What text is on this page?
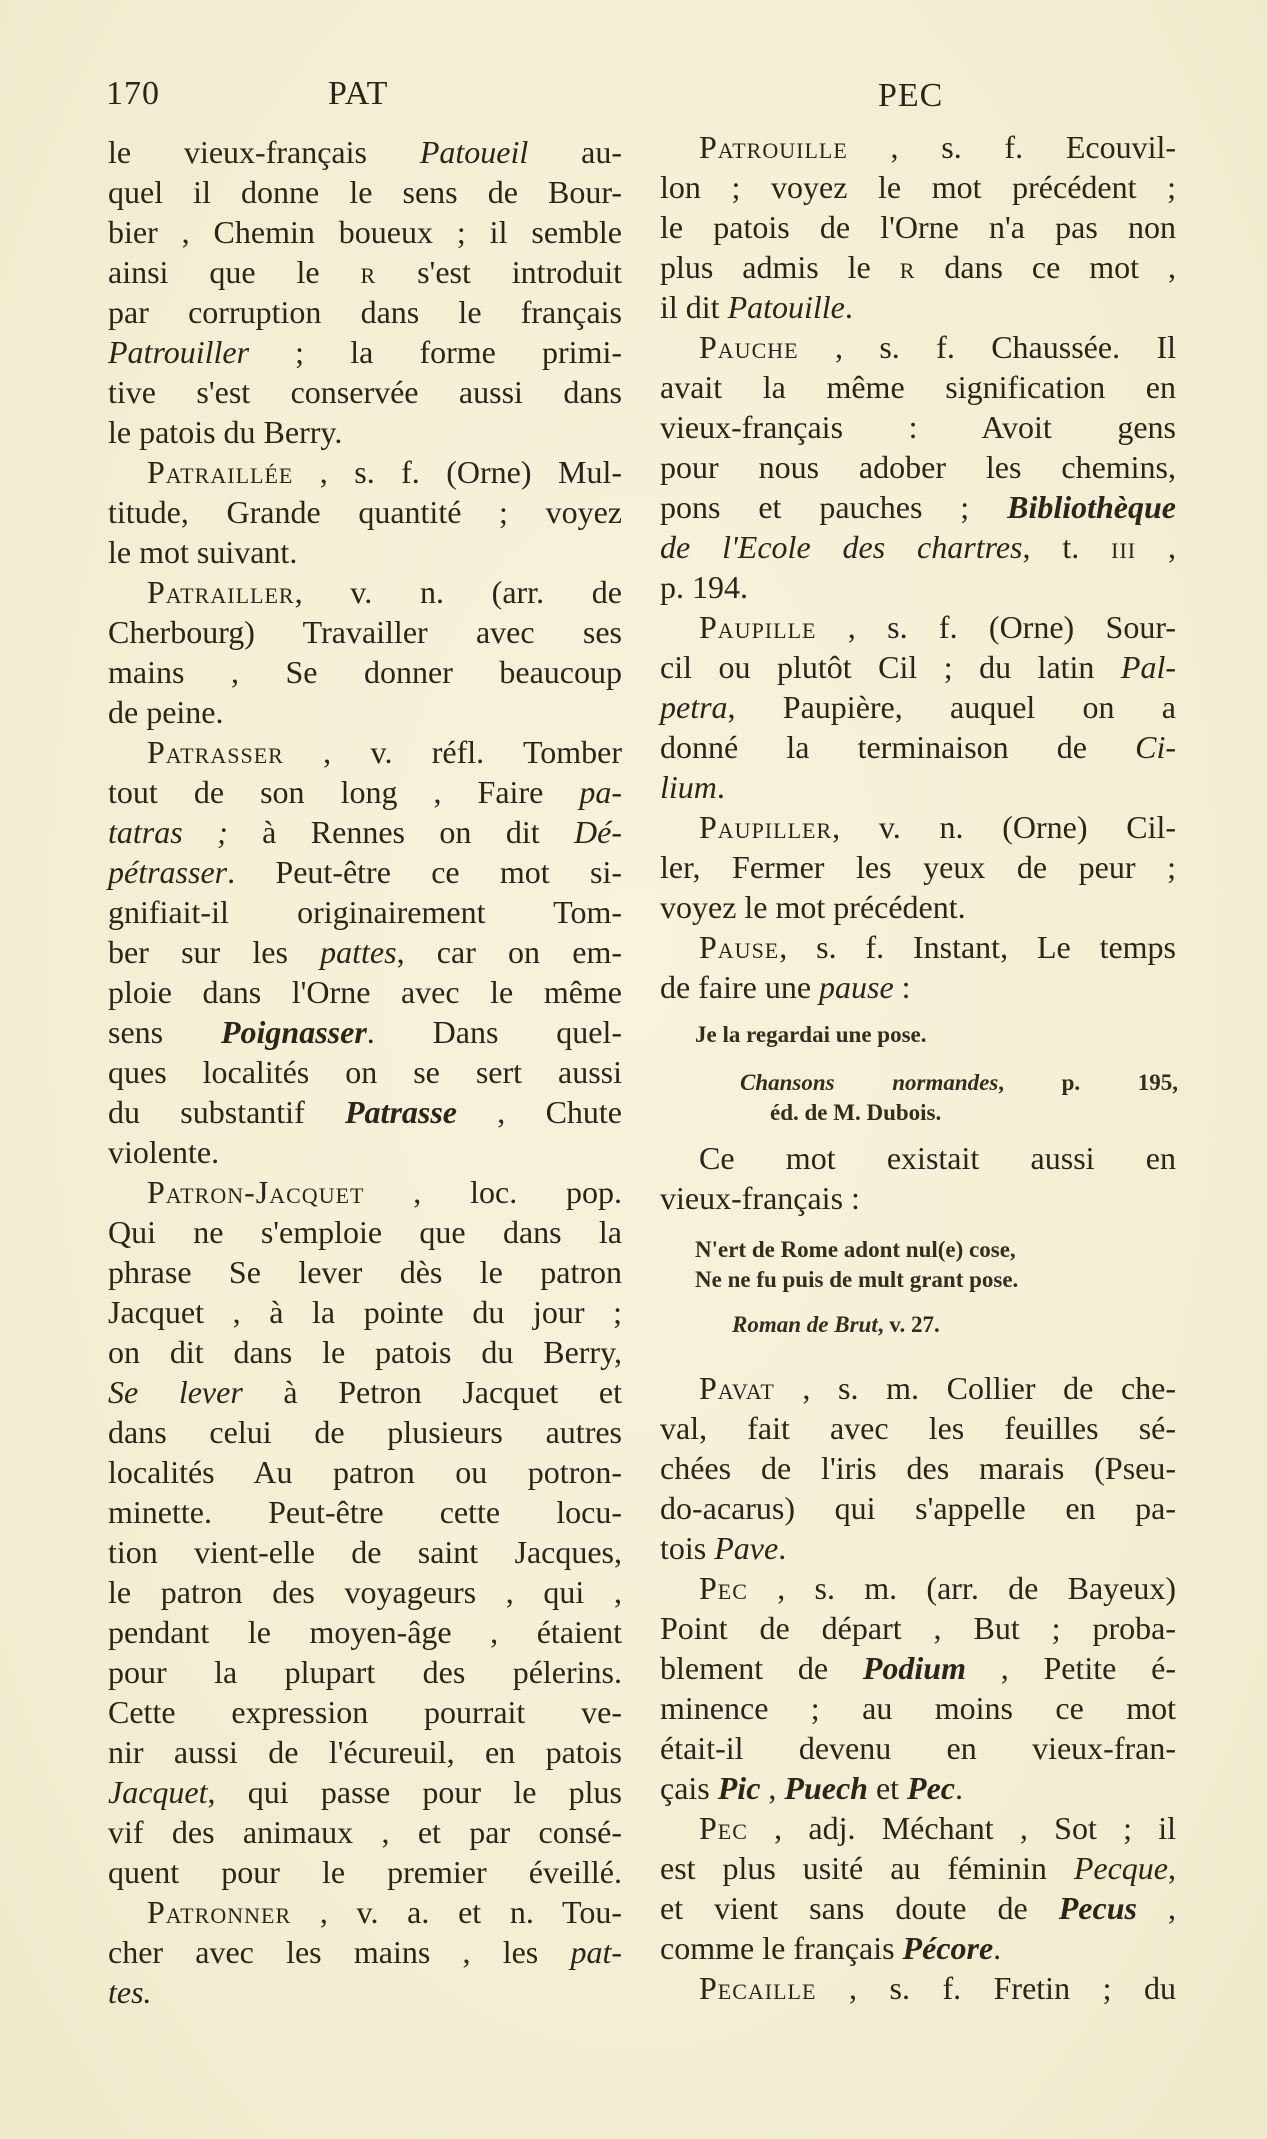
170	PAT	PEC
le vieux-français Patoueil au-
quel il donne le sens de Bour-
bier , Chemin boueux ; il semble
ainsi que le r s'est introduit
par corruption dans le français
Patrouiller ; la forme primi-
tive s'est conservée aussi dans
le patois du Berry.
Patraillée , s. f. (Orne) Mul-
titude, Grande quantité ; voyez
le mot suivant.
Patrailler, v. n. (arr. de
Cherbourg) Travailler avec ses
mains , Se donner beaucoup
de peine.
Patrasser , v. réfl. Tomber
tout de son long , Faire pa-
tatras ; à Rennes on dit Dé-
pétrasser. Peut-être ce mot si-
gnifiait-il originairement Tom-
ber sur les pattes, car on em-
ploie dans l'Orne avec le même
sens Poignasser. Dans quel-
ques localités on se sert aussi
du substantif Patrasse , Chute
violente.
Patron-Jacquet , loc. pop.
Qui ne s'emploie que dans la
phrase Se lever dès le patron
Jacquet , à la pointe du jour ;
on dit dans le patois du Berry,
Se lever à Petron Jacquet et
dans celui de plusieurs autres
localités Au patron ou potron-
minette. Peut-être cette locu-
tion vient-elle de saint Jacques,
le patron des voyageurs , qui ,
pendant le moyen-âge , étaient
pour la plupart des pélerins.
Cette expression pourrait ve-
nir aussi de l'écureuil, en patois
Jacquet, qui passe pour le plus
vif des animaux , et par consé-
quent pour le premier éveillé.
Patronner , v. a. et n. Tou-
cher avec les mains , les pat-
tes.
Je la regardai une pose.
Chansons normandes, p. 195,
éd. de M. Dubois.
N'ert de Rome adont nul(e) cose,
Ne ne fu puis de mult grant pose.
Roman de Brut, v. 27.
Patrouille , s. f. Ecouvil-
lon ; voyez le mot précédent ;
le patois de l'Orne n'a pas non
plus admis le r dans ce mot ,
il dit Patouille.
Pauche , s. f. Chaussée. Il
avait la même signification en
vieux-français : Avoit gens
pour nous adober les chemins,
pons et pauches ; Bibliothèque
de l'Ecole des chartres, t. iii ,
p. 194.
Paupille , s. f. (Orne) Sour-
cil ou plutôt Cil ; du latin Pal-
petra, Paupière, auquel on a
donné la terminaison de Ci-
lium.
Paupiller, v. n. (Orne) Cil-
ler, Fermer les yeux de peur ;
voyez le mot précédent.
Pause, s. f. Instant, Le temps
de faire une pause :
Ce mot existait aussi en
vieux-français :
Pavat , s. m. Collier de che-
val, fait avec les feuilles sé-
chées de l'iris des marais (Pseu-
do-acarus) qui s'appelle en pa-
tois Pave.
Pec , s. m. (arr. de Bayeux)
Point de départ , But ; proba-
blement de Podium , Petite é-
minence ; au moins ce mot
était-il devenu en vieux-fran-
çais Pic , Puech et Pec.
Pec , adj. Méchant , Sot ; il
est plus usité au féminin Pecque,
et vient sans doute de Pecus ,
comme le français Pécore.
Pecaille , s. f. Fretin ; du
